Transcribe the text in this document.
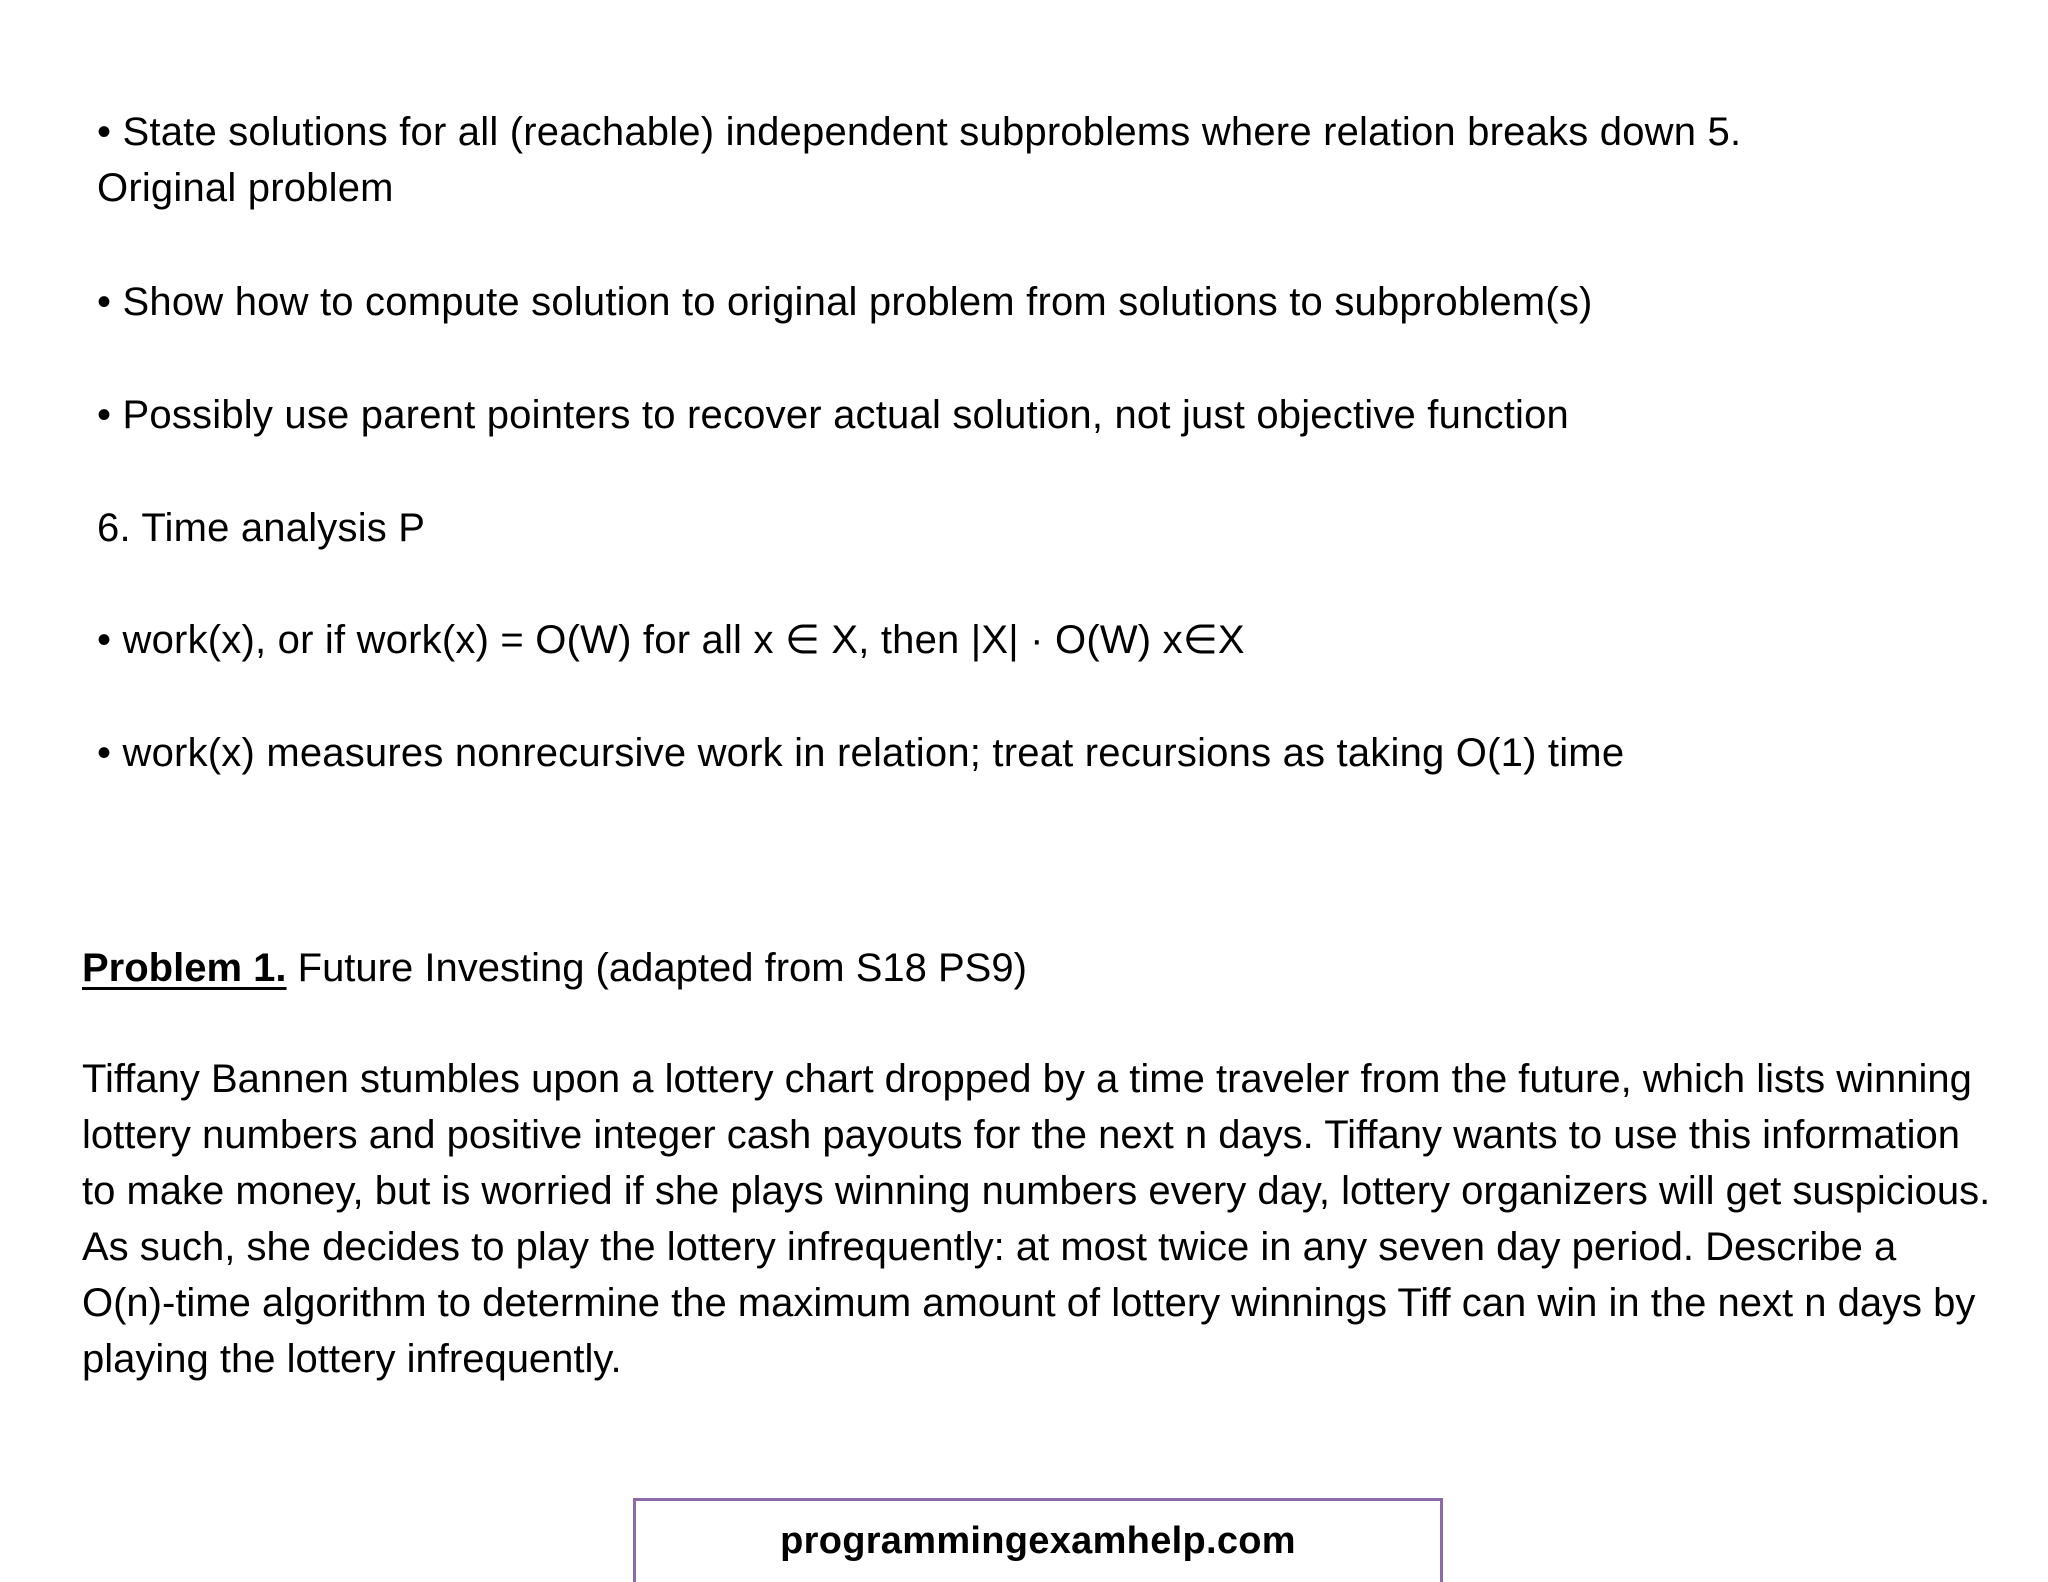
• State solutions for all (reachable) independent subproblems where relation breaks down 5.
Original problem
• Show how to compute solution to original problem from solutions to subproblem(s)
• Possibly use parent pointers to recover actual solution, not just objective function
6. Time analysis P
• work(x), or if work(x) = O(W) for all x ∈ X, then |X| · O(W) x∈X
• work(x) measures nonrecursive work in relation; treat recursions as taking O(1) time
Problem 1. Future Investing (adapted from S18 PS9)
Tiffany Bannen stumbles upon a lottery chart dropped by a time traveler from the future, which lists winning lottery numbers and positive integer cash payouts for the next n days. Tiffany wants to use this information to make money, but is worried if she plays winning numbers every day, lottery organizers will get suspicious. As such, she decides to play the lottery infrequently: at most twice in any seven day period. Describe a O(n)-time algorithm to determine the maximum amount of lottery winnings Tiff can win in the next n days by playing the lottery infrequently.
programmingexamhelp.com
